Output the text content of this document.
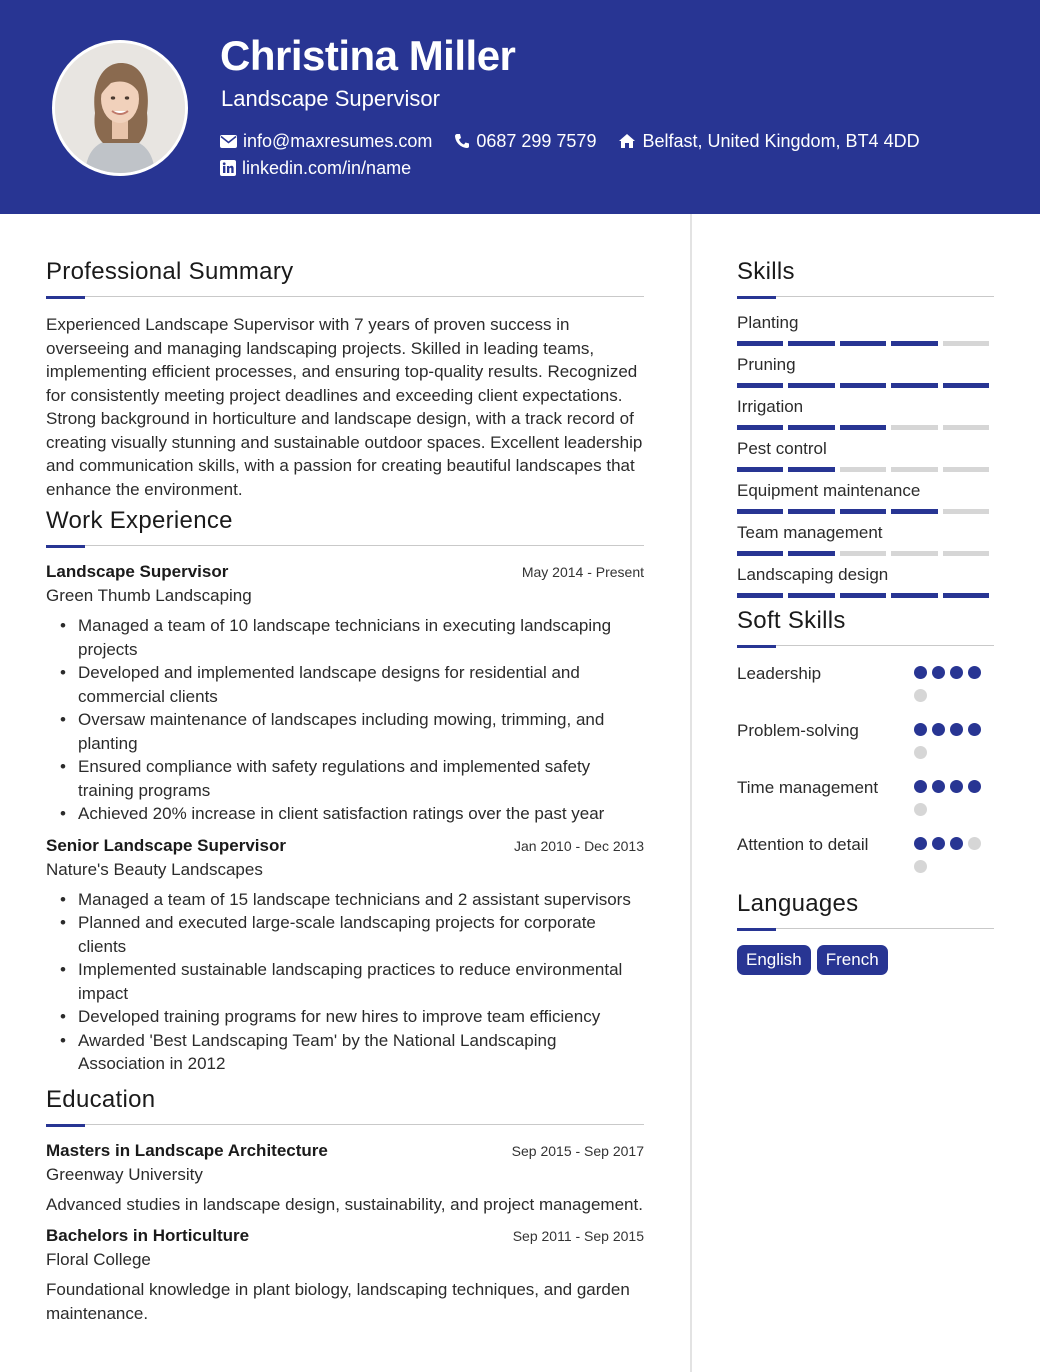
Christina Miller
Landscape Supervisor
info@maxresumes.com 0687 299 7579	Belfast, United Kingdom, BT4 4DD
linkedin.com/in/name
Professional Summary

Experienced Landscape Supervisor with 7 years of proven success in overseeing and managing landscaping projects. Skilled in leading teams, implementing efficient processes, and ensuring top-quality results. Recognized for consistently meeting project deadlines and exceeding client expectations. Strong background in horticulture and landscape design, with a track record of creating visually stunning and sustainable outdoor spaces. Excellent leadership and communication skills, with a passion for creating beautiful landscapes that enhance the environment.

Work Experience
Landscape Supervisor	May 2014 - Present
Green Thumb Landscaping
• Managed a team of 10 landscape technicians in executing landscaping projects
• Developed and implemented landscape designs for residential and commercial clients
• Oversaw maintenance of landscapes including mowing, trimming, and planting
• Ensured compliance with safety regulations and implemented safety training programs
• Achieved 20% increase in client satisfaction ratings over the past year
Senior Landscape Supervisor	Jan 2010 - Dec 2013
Nature's Beauty Landscapes
• Managed a team of 15 landscape technicians and 2 assistant supervisors
• Planned and executed large-scale landscaping projects for corporate clients
• Implemented sustainable landscaping practices to reduce environmental impact
• Developed training programs for new hires to improve team efficiency
• Awarded 'Best Landscaping Team' by the National Landscaping Association in 2012
Education
Masters in Landscape Architecture	Sep 2015 - Sep 2017
Greenway University

Advanced studies in landscape design, sustainability, and project management.

Bachelors in Horticulture	Sep 2011 - Sep 2015
Floral College

Foundational knowledge in plant biology, landscaping techniques, and garden maintenance.

Skills
Planting
Pruning
Irrigation
Pest control
Equipment maintenance
Team management
Landscaping design
Soft Skills
Leadership
Problem-solving
Time management
Attention to detail
Languages
English	French
